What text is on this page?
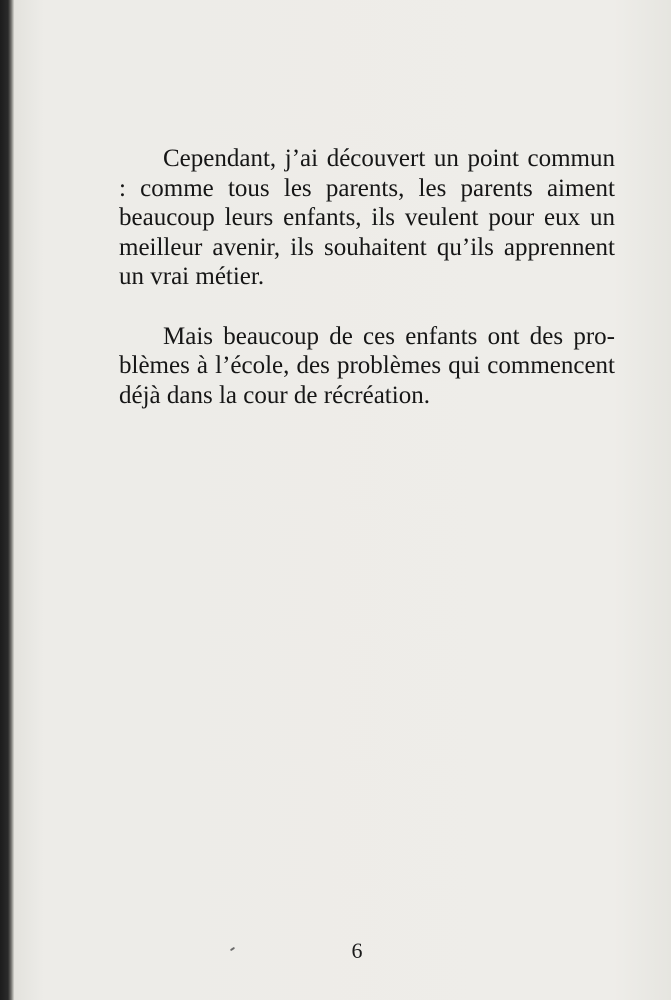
Cependant, j’ai découvert un point commun : comme tous les parents, les parents aiment beaucoup leurs enfants, ils veulent pour eux un meilleur avenir, ils souhaitent qu’ils apprennent un vrai métier.

Mais beaucoup de ces enfants ont des problèmes à l’école, des problèmes qui commencent déjà dans la cour de récréation.

6
